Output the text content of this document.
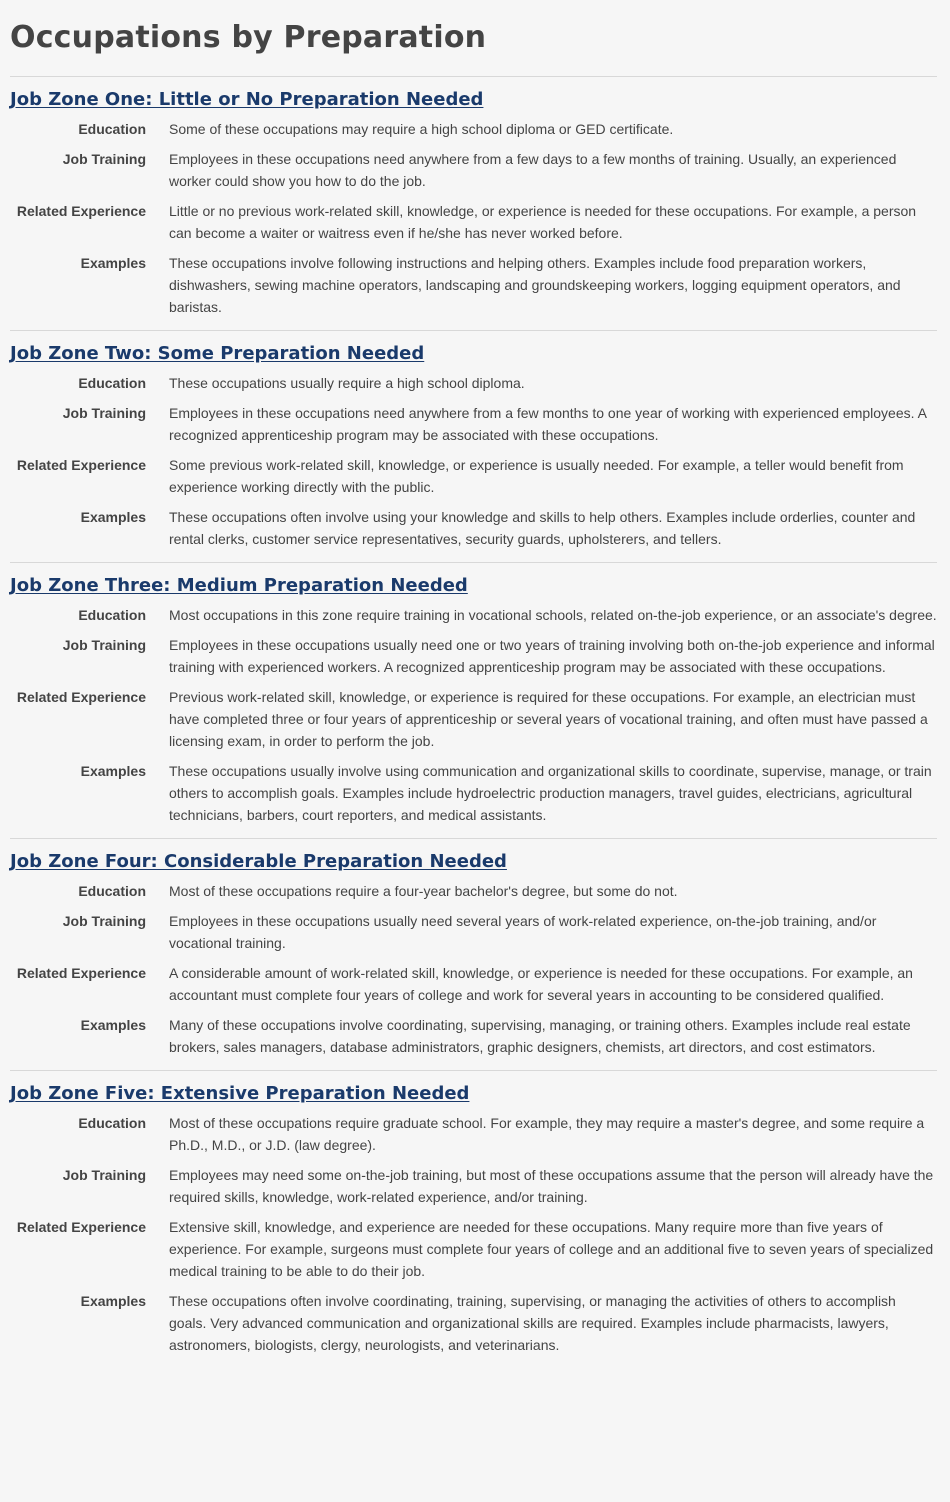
Occupations by Preparation
Job Zone One: Little or No Preparation Needed
Education Some of these occupations may require a high school diploma or GED certificate.
Job Training Employees in these occupations need anywhere from a few days to a few months of training. Usually, an experienced worker could show you how to do the job.
Related Experience Little or no previous work-related skill, knowledge, or experience is needed for these occupations. For example, a person can become a waiter or waitress even if he/she has never worked before.
Examples These occupations involve following instructions and helping others. Examples include food preparation workers, dishwashers, sewing machine operators, landscaping and groundskeeping workers, logging equipment operators, and baristas.
Job Zone Two: Some Preparation Needed
Education These occupations usually require a high school diploma.
Job Training Employees in these occupations need anywhere from a few months to one year of working with experienced employees. A recognized apprenticeship program may be associated with these occupations.
Related Experience Some previous work-related skill, knowledge, or experience is usually needed. For example, a teller would benefit from experience working directly with the public.
Examples These occupations often involve using your knowledge and skills to help others. Examples include orderlies, counter and rental clerks, customer service representatives, security guards, upholsterers, and tellers.
Job Zone Three: Medium Preparation Needed
Education Most occupations in this zone require training in vocational schools, related on-the-job experience, or an associate's degree.
Job Training Employees in these occupations usually need one or two years of training involving both on-the-job experience and informal training with experienced workers. A recognized apprenticeship program may be associated with these occupations.
Related Experience Previous work-related skill, knowledge, or experience is required for these occupations. For example, an electrician must have completed three or four years of apprenticeship or several years of vocational training, and often must have passed a licensing exam, in order to perform the job.
Examples These occupations usually involve using communication and organizational skills to coordinate, supervise, manage, or train others to accomplish goals. Examples include hydroelectric production managers, travel guides, electricians, agricultural technicians, barbers, court reporters, and medical assistants.
Job Zone Four: Considerable Preparation Needed
Education Most of these occupations require a four-year bachelor's degree, but some do not.
Job Training Employees in these occupations usually need several years of work-related experience, on-the-job training, and/or vocational training.
Related Experience A considerable amount of work-related skill, knowledge, or experience is needed for these occupations. For example, an accountant must complete four years of college and work for several years in accounting to be considered qualified.
Examples Many of these occupations involve coordinating, supervising, managing, or training others. Examples include real estate brokers, sales managers, database administrators, graphic designers, chemists, art directors, and cost estimators.
Job Zone Five: Extensive Preparation Needed
Education Most of these occupations require graduate school. For example, they may require a master's degree, and some require a Ph.D., M.D., or J.D. (law degree).
Job Training Employees may need some on-the-job training, but most of these occupations assume that the person will already have the required skills, knowledge, work-related experience, and/or training.
Related Experience Extensive skill, knowledge, and experience are needed for these occupations. Many require more than five years of experience. For example, surgeons must complete four years of college and an additional five to seven years of specialized medical training to be able to do their job.
Examples These occupations often involve coordinating, training, supervising, or managing the activities of others to accomplish goals. Very advanced communication and organizational skills are required. Examples include pharmacists, lawyers, astronomers, biologists, clergy, neurologists, and veterinarians.
